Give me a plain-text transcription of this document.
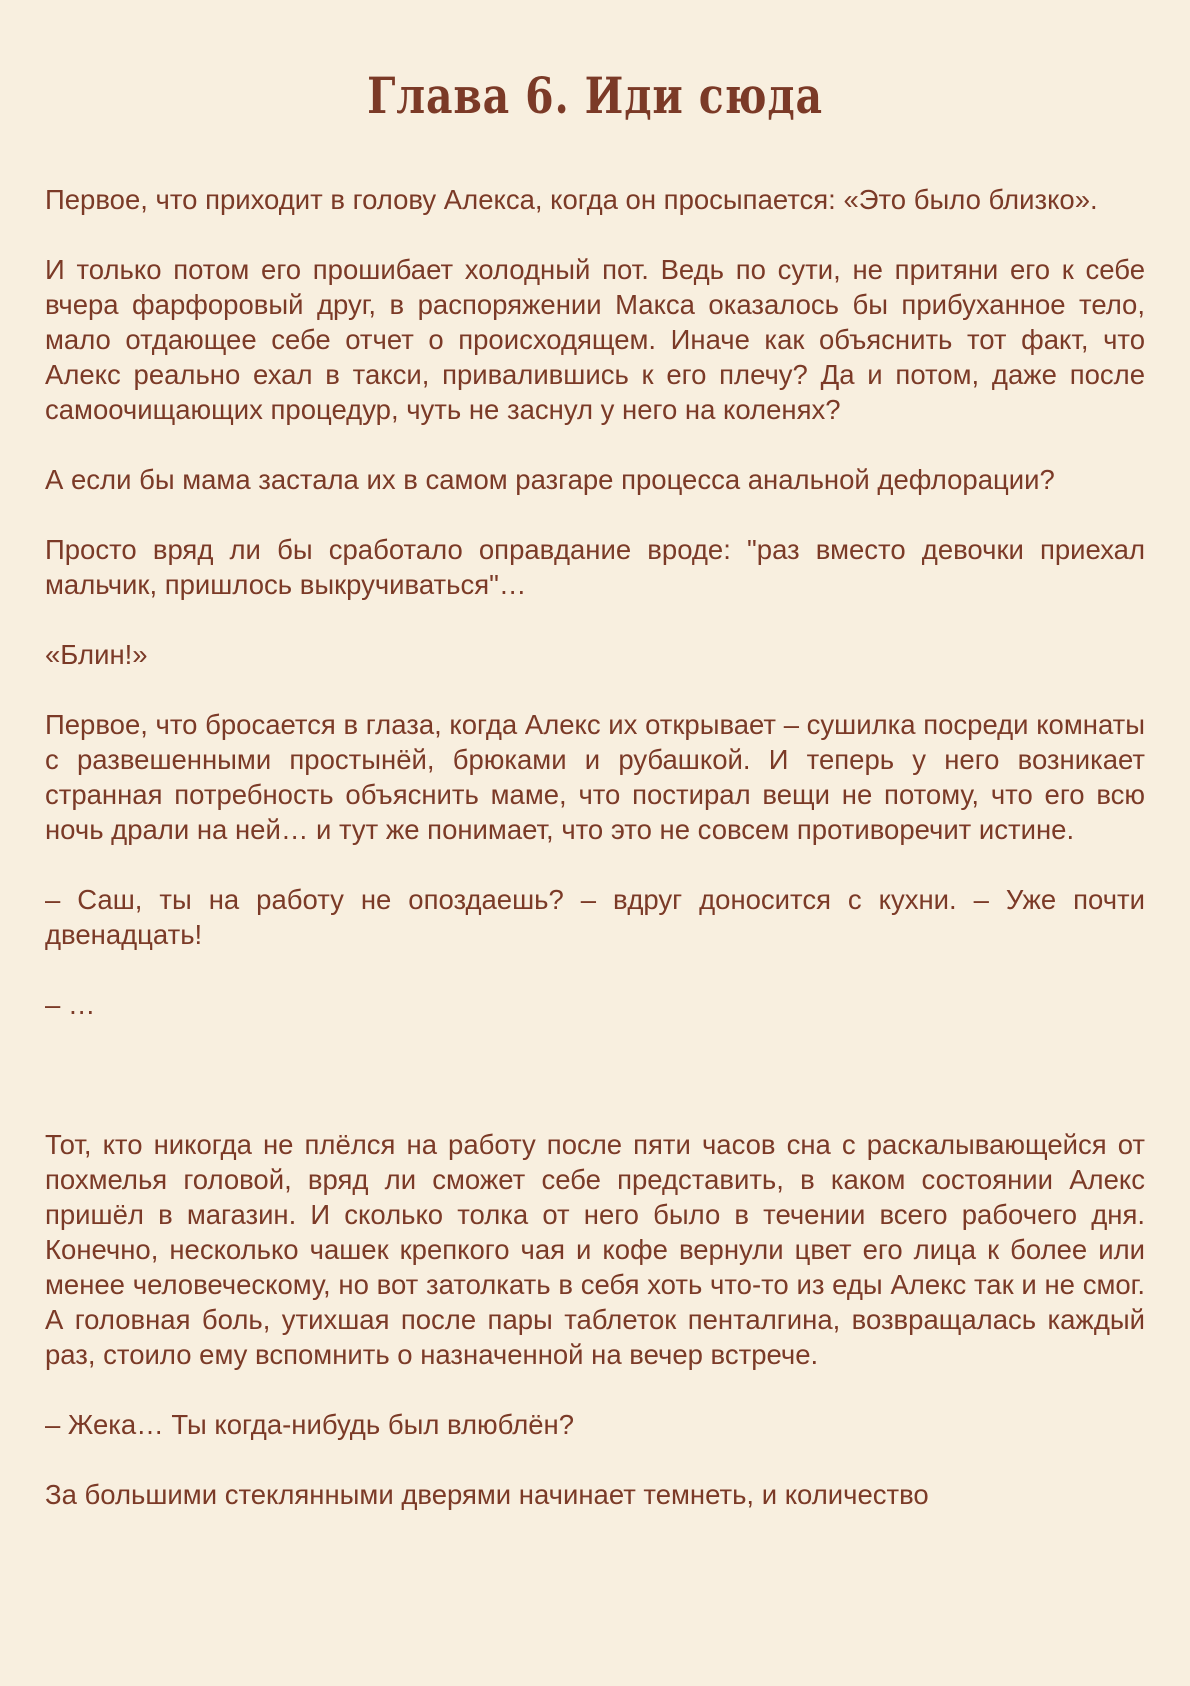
Глава 6. Иди сюда

Первое, что приходит в голову Алекса, когда он просыпается: «Это было близко».

И только потом его прошибает холодный пот. Ведь по сути, не притяни его к себе вчера фарфоровый друг, в распоряжении Макса оказалось бы прибуханное тело, мало отдающее себе отчет о происходящем. Иначе как объяснить тот факт, что Алекс реально ехал в такси, привалившись к его плечу? Да и потом, даже после самоочищающих процедур, чуть не заснул у него на коленях?

А если бы мама застала их в самом разгаре процесса анальной дефлорации?

Просто вряд ли бы сработало оправдание вроде: "раз вместо девочки приехал мальчик, пришлось выкручиваться"…

«Блин!»

Первое, что бросается в глаза, когда Алекс их открывает – сушилка посреди комнаты с развешенными простынёй, брюками и рубашкой. И теперь у него возникает странная потребность объяснить маме, что постирал вещи не потому, что его всю ночь драли на ней… и тут же понимает, что это не совсем противоречит истине.

– Саш, ты на работу не опоздаешь? – вдруг доносится с кухни. – Уже почти двенадцать!

– …

Тот, кто никогда не плёлся на работу после пяти часов сна с раскалывающейся от похмелья головой, вряд ли сможет себе представить, в каком состоянии Алекс пришёл в магазин. И сколько толка от него было в течении всего рабочего дня. Конечно, несколько чашек крепкого чая и кофе вернули цвет его лица к более или менее человеческому, но вот затолкать в себя хоть что-то из еды Алекс так и не смог. А головная боль, утихшая после пары таблеток пенталгина, возвращалась каждый раз, стоило ему вспомнить о назначенной на вечер встрече.

– Жека… Ты когда-нибудь был влюблён?

За большими стеклянными дверями начинает темнеть, и количество
